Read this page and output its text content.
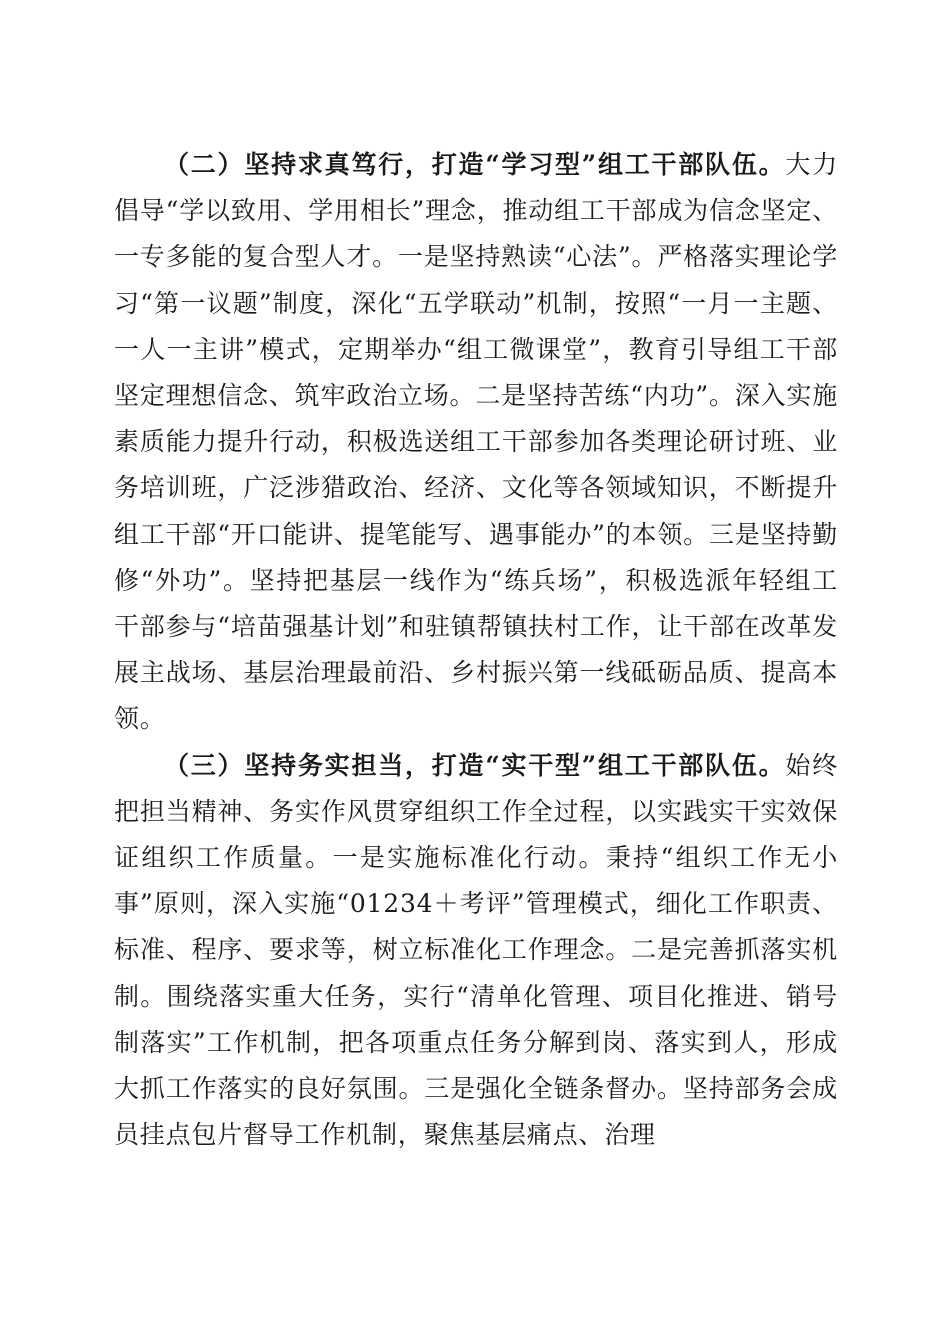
（二）坚持求真笃行，打造“学习型”组工干部队伍。大力倡导“学以致用、学用相长”理念，推动组工干部成为信念坚定、一专多能的复合型人才。一是坚持熟读“心法”。严格落实理论学习“第一议题”制度，深化“五学联动”机制，按照“一月一主题、一人一主讲”模式，定期举办“组工微课堂”，教育引导组工干部坚定理想信念、筑牢政治立场。二是坚持苦练“内功”。深入实施素质能力提升行动，积极选送组工干部参加各类理论研讨班、业务培训班，广泛涉猎政治、经济、文化等各领域知识，不断提升组工干部“开口能讲、提笔能写、遇事能办”的本领。三是坚持勤修“外功”。坚持把基层一线作为“练兵场”，积极选派年轻组工干部参与“培苗强基计划”和驻镇帮镇扶村工作，让干部在改革发展主战场、基层治理最前沿、乡村振兴第一线砥砺品质、提高本领。

（三）坚持务实担当，打造“实干型”组工干部队伍。始终把担当精神、务实作风贯穿组织工作全过程，以实践实干实效保证组织工作质量。一是实施标准化行动。秉持“组织工作无小事”原则，深入实施“01234＋考评”管理模式，细化工作职责、标准、程序、要求等，树立标准化工作理念。二是完善抓落实机制。围绕落实重大任务，实行“清单化管理、项目化推进、销号制落实”工作机制，把各项重点任务分解到岗、落实到人，形成大抓工作落实的良好氛围。三是强化全链条督办。坚持部务会成员挂点包片督导工作机制，聚焦基层痛点、治理
